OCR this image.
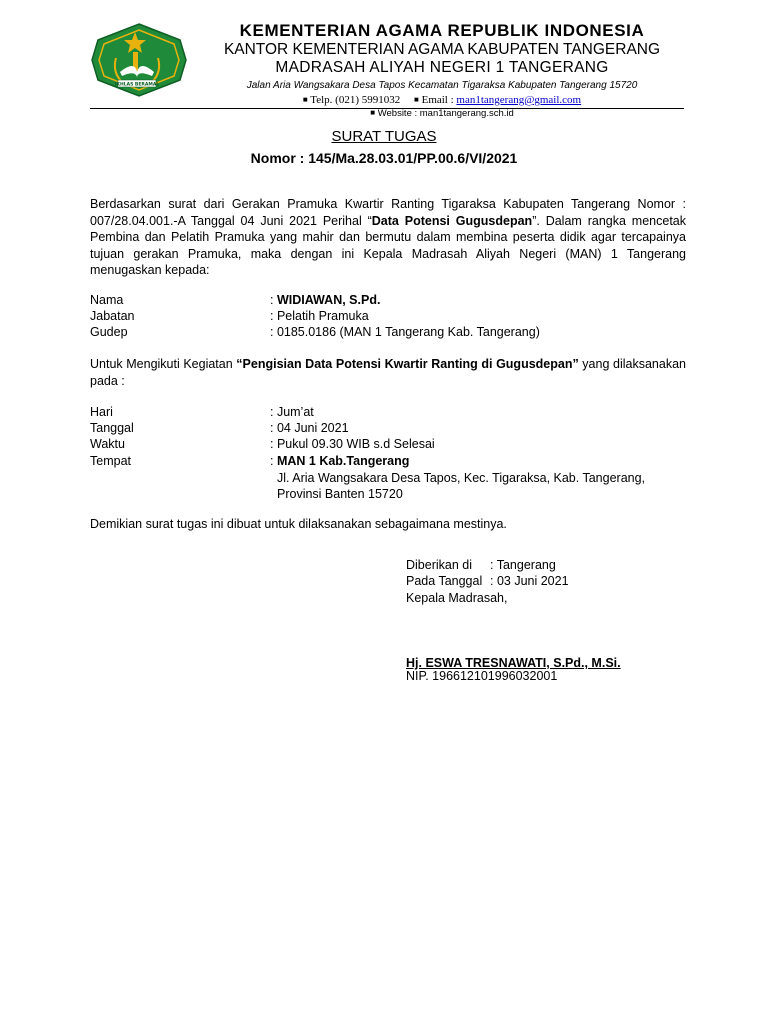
IKHLAS BERAMAL
KEMENTERIAN AGAMA REPUBLIK INDONESIA
KANTOR KEMENTERIAN AGAMA KABUPATEN TANGERANG
MADRASAH ALIYAH NEGERI 1 TANGERANG
Jalan Aria Wangsakara Desa Tapos Kecamatan Tigaraksa Kabupaten Tangerang 15720
■ Telp. (021) 5991032 ■ Email : man1tangerang@gmail.com
■ Website : man1tangerang.sch.id
SURAT TUGAS
Nomor : 145/Ma.28.03.01/PP.00.6/VI/2021
Berdasarkan surat dari Gerakan Pramuka Kwartir Ranting Tigaraksa Kabupaten Tangerang Nomor : 007/28.04.001.-A Tanggal 04 Juni 2021 Perihal “Data Potensi Gugusdepan”. Dalam rangka mencetak Pembina dan Pelatih Pramuka yang mahir dan bermutu dalam membina peserta didik agar tercapainya tujuan gerakan Pramuka, maka dengan ini Kepala Madrasah Aliyah Negeri (MAN) 1 Tangerang menugaskan kepada:
Nama	: WIDIAWAN, S.Pd.
Jabatan	: Pelatih Pramuka
Gudep	: 0185.0186 (MAN 1 Tangerang Kab. Tangerang)
Untuk Mengikuti Kegiatan “Pengisian Data Potensi Kwartir Ranting di Gugusdepan” yang dilaksanakan pada :
Hari	: Jum’at
Tanggal	: 04 Juni 2021
Waktu	: Pukul 09.30 WIB s.d Selesai
Tempat	: MAN 1 Kab.Tangerang
Jl. Aria Wangsakara Desa Tapos, Kec. Tigaraksa, Kab. Tangerang,
Provinsi Banten 15720
Demikian surat tugas ini dibuat untuk dilaksanakan sebagaimana mestinya.
Diberikan di : Tangerang
Pada Tanggal : 03 Juni 2021
Kepala Madrasah,
Hj. ESWA TRESNAWATI, S.Pd., M.Si.
NIP. 196612101996032001
